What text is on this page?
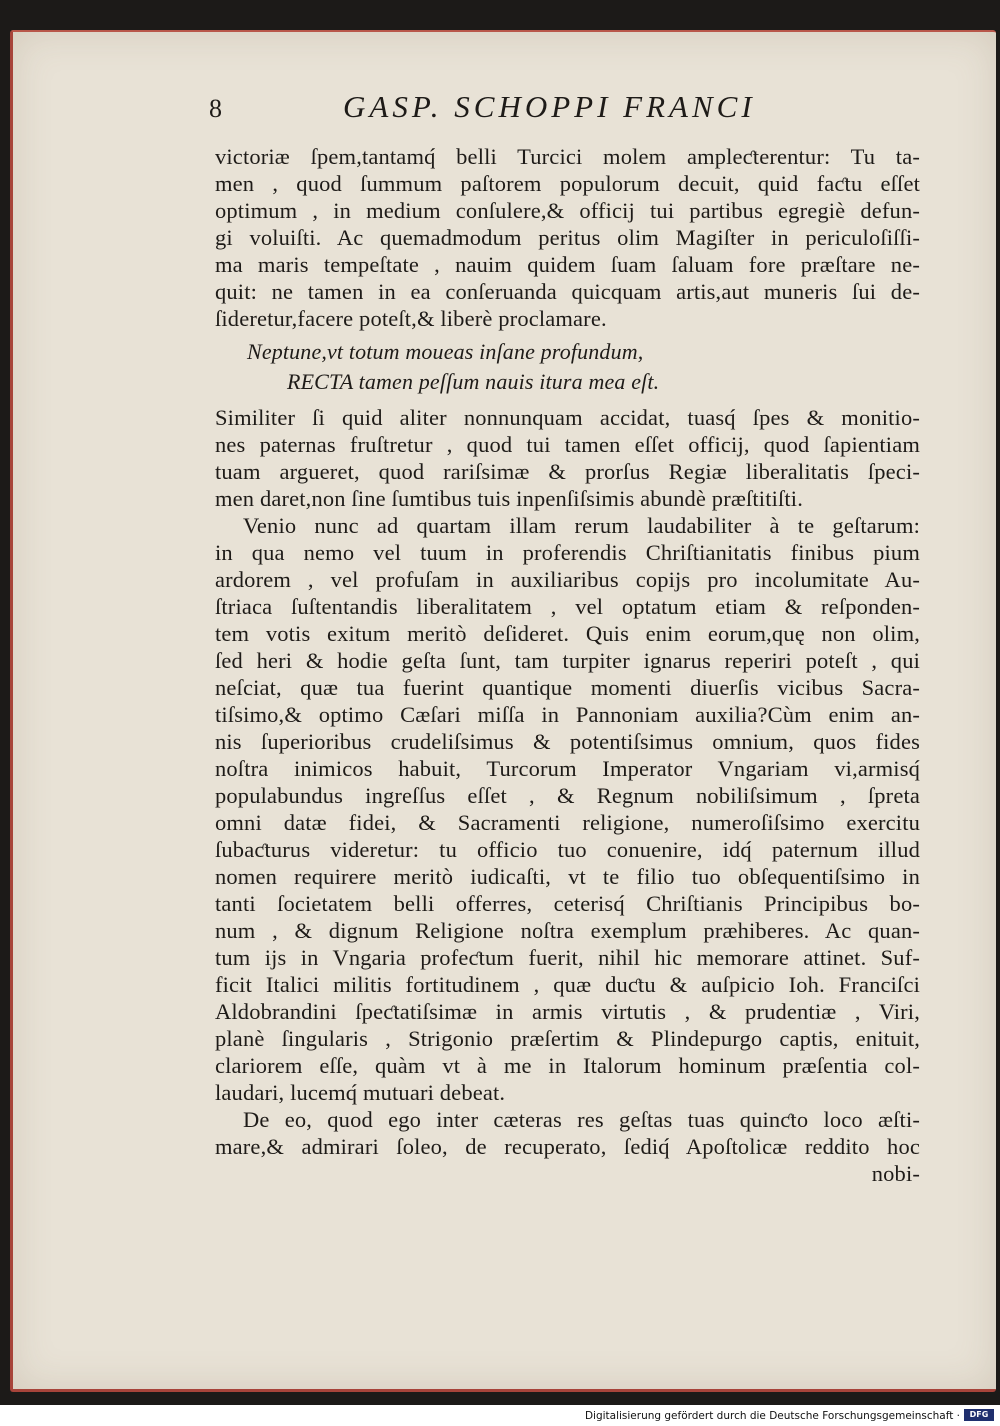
8	GASP. SCHOPPI FRANCI
victoriæ ſpem,tantamq́ belli Turcici molem ampleƈterentur: Tu ta-
men , quod ſummum paſtorem populorum decuit, quid faƈtu eſſet
optimum , in medium conſulere,& officij tui partibus egregiè defun-
gi voluiſti. Ac quemadmodum peritus olim Magiſter in periculoſiſſi-
ma maris tempeſtate , nauim quidem ſuam ſaluam fore præſtare ne-
quit: ne tamen in ea conſeruanda quicquam artis,aut muneris ſui de-
ſideretur,facere poteſt,& liberè proclamare.
Neptune,vt totum moueas inſane profundum,
RECTA tamen peſſum nauis itura mea eſt.
Similiter ſi quid aliter nonnunquam accidat, tuasq́ ſpes & monitio-
nes paternas fruſtretur , quod tui tamen eſſet officij, quod ſapientiam
tuam argueret, quod rariſsimæ & prorſus Regiæ liberalitatis ſpeci-
men daret,non ſine ſumtibus tuis inpenſiſsimis abundè præſtitiſti.
Venio nunc ad quartam illam rerum laudabiliter à te geſtarum:
in qua nemo vel tuum in proferendis Chriſtianitatis finibus pium
ardorem , vel profuſam in auxiliaribus copijs pro incolumitate Au-
ſtriaca ſuſtentandis liberalitatem , vel optatum etiam & reſponden-
tem votis exitum meritò deſideret. Quis enim eorum,quę non olim,
ſed heri & hodie geſta ſunt, tam turpiter ignarus reperiri poteſt , qui
neſciat, quæ tua fuerint quantique momenti diuerſis vicibus Sacra-
tiſsimo,& optimo Cæſari miſſa in Pannoniam auxilia?Cùm enim an-
nis ſuperioribus crudeliſsimus & potentiſsimus omnium, quos fides
noſtra inimicos habuit, Turcorum Imperator Vngariam vi,armisq́
populabundus ingreſſus eſſet , & Regnum nobiliſsimum , ſpreta
omni datæ fidei, & Sacramenti religione, numeroſiſsimo exercitu
ſubaƈturus videretur: tu officio tuo conuenire, idq́ paternum illud
nomen requirere meritò iudicaſti, vt te filio tuo obſequentiſsimo in
tanti ſocietatem belli offerres, ceterisq́ Chriſtianis Principibus bo-
num , & dignum Religione noſtra exemplum præhiberes. Ac quan-
tum ijs in Vngaria profeƈtum fuerit, nihil hic memorare attinet. Suf-
ficit Italici militis fortitudinem , quæ duƈtu & auſpicio Ioh. Franciſci
Aldobrandini ſpeƈtatiſsimæ in armis virtutis , & prudentiæ , Viri,
planè ſingularis , Strigonio præſertim & Plindepurgo captis, enituit,
clariorem eſſe, quàm vt à me in Italorum hominum præſentia col-
laudari, lucemq́ mutuari debeat.
De eo, quod ego inter cæteras res geſtas tuas quinƈto loco æſti-
mare,& admirari ſoleo, de recuperato, ſediq́ Apoſtolicæ reddito hoc
nobi-
Digitalisierung gefördert durch die Deutsche Forschungsgemeinschaft ·	DFG
